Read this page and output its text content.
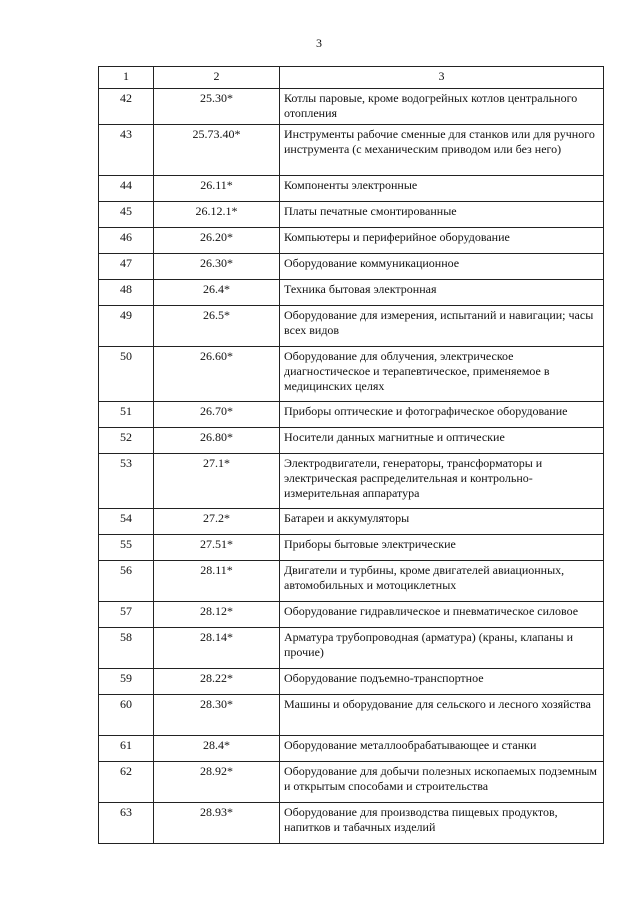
3
1	2	3
42	25.30*	Котлы паровые, кроме водогрейных котлов центрального отопления
43	25.73.40*	Инструменты рабочие сменные для станков или для ручного инструмента (с механическим приводом или без него)
44	26.11*	Компоненты электронные
45	26.12.1*	Платы печатные смонтированные
46	26.20*	Компьютеры и периферийное оборудование
47	26.30*	Оборудование коммуникационное
48	26.4*	Техника бытовая электронная
49	26.5*	Оборудование для измерения, испытаний и навигации; часы всех видов
50	26.60*	Оборудование для облучения, электрическое диагностическое и терапевтическое, применяемое в медицинских целях
51	26.70*	Приборы оптические и фотографическое оборудование
52	26.80*	Носители данных магнитные и оптические
53	27.1*	Электродвигатели, генераторы, трансформаторы и электрическая распределительная и контрольно-измерительная аппаратура
54	27.2*	Батареи и аккумуляторы
55	27.51*	Приборы бытовые электрические
56	28.11*	Двигатели и турбины, кроме двигателей авиационных, автомобильных и мотоциклетных
57	28.12*	Оборудование гидравлическое и пневматическое силовое
58	28.14*	Арматура трубопроводная (арматура) (краны, клапаны и прочие)
59	28.22*	Оборудование подъемно-транспортное
60	28.30*	Машины и оборудование для сельского и лесного хозяйства
61	28.4*	Оборудование металлообрабатывающее и станки
62	28.92*	Оборудование для добычи полезных ископаемых подземным и открытым способами и строительства
63	28.93*	Оборудование для производства пищевых продуктов, напитков и табачных изделий
